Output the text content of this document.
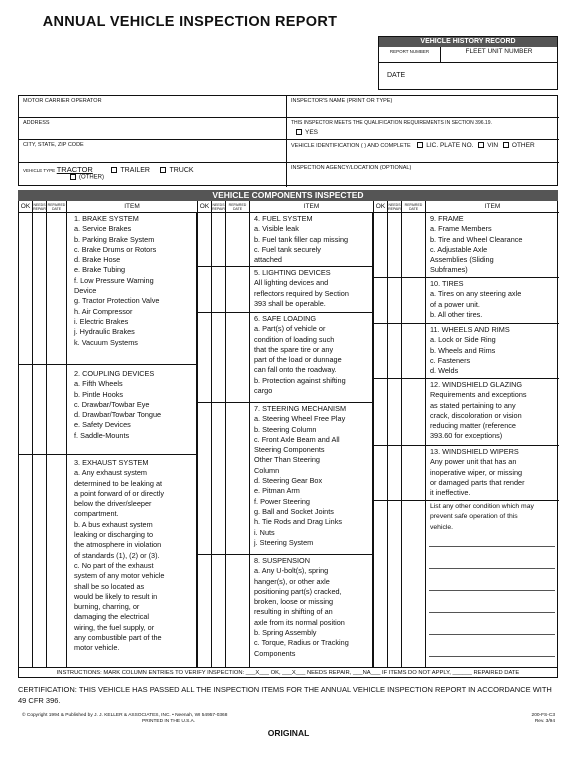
ANNUAL VEHICLE INSPECTION REPORT
VEHICLE HISTORY RECORD
REPORT NUMBER	FLEET UNIT NUMBER
DATE
MOTOR CARRIER OPERATOR	INSPECTOR'S NAME (PRINT OR TYPE)
ADDRESS	THIS INSPECTOR MEETS THE QUALIFICATION REQUIREMENTS IN SECTION 396.19.
YES
CITY, STATE, ZIP CODE	VEHICLE IDENTIFICATION ( ) AND COMPLETE LIC. PLATE NO. VIN OTHER
VEHICLE TYPE TRACTOR	TRAILER	TRUCK
(OTHER)
INSPECTION AGENCY/LOCATION (OPTIONAL)
VEHICLE COMPONENTS INSPECTED
OK NEEDS REPAIR
REPAIRED DATE	ITEM	OK NEEDS REPAIR
REPAIRED DATE	ITEM	OK NEEDS REPAIR
REPAIRED DATE	ITEM
1. BRAKE SYSTEM
a. Service Brakes
b. Parking Brake System
c. Brake Drums or Rotors
d. Brake Hose
e. Brake Tubing
f. Low Pressure Warning
Device
g. Tractor Protection Valve
h. Air Compressor
i. Electric Brakes
j. Hydraulic Brakes
k. Vacuum Systems
2. COUPLING DEVICES
a. Fifth Wheels
b. Pintle Hooks
c. Drawbar/Towbar Eye
d. Drawbar/Towbar Tongue
e. Safety Devices
f. Saddle-Mounts
3. EXHAUST SYSTEM
a. Any exhaust system
determined to be leaking at
a point forward of or directly
below the driver/sleeper
compartment.
b. A bus exhaust system
leaking or discharging to
the atmosphere in violation
of standards (1), (2) or (3).
c. No part of the exhaust
system of any motor vehicle
shall be so located as
would be likely to result in
burning, charring, or
damaging the electrical
wiring, the fuel supply, or
any combustible part of the
motor vehicle.
4. FUEL SYSTEM
a. Visible leak
b. Fuel tank filler cap missing
c. Fuel tank securely
attached
5. LIGHTING DEVICES
All lighting devices and
reflectors required by Section
393 shall be operable.
6. SAFE LOADING
a. Part(s) of vehicle or
condition of loading such
that the spare tire or any
part of the load or dunnage
can fall onto the roadway.
b. Protection against shifting
cargo
7. STEERING MECHANISM
a. Steering Wheel Free Play
b. Steering Column
c. Front Axle Beam and All
Steering Components
Other Than Steering
Column
d. Steering Gear Box
e. Pitman Arm
f. Power Steering
g. Ball and Socket Joints
h. Tie Rods and Drag Links
i. Nuts
j. Steering System
8. SUSPENSION
a. Any U-bolt(s), spring
hanger(s), or other axle
positioning part(s) cracked,
broken, loose or missing
resulting in shifting of an
axle from its normal position
b. Spring Assembly
c. Torque, Radius or Tracking
Components
9. FRAME
a. Frame Members
b. Tire and Wheel Clearance
c. Adjustable Axle
Assemblies (Sliding
Subframes)
10. TIRES
a. Tires on any steering axle
of a power unit.
b. All other tires.
11. WHEELS AND RIMS
a. Lock or Side Ring
b. Wheels and Rims
c. Fasteners
d. Welds
12. WINDSHIELD GLAZING
Requirements and exceptions
as stated pertaining to any
crack, discoloration or vision
reducing matter (reference
393.60 for exceptions)
13. WINDSHIELD WIPERS
Any power unit that has an
inoperative wiper, or missing
or damaged parts that render
it ineffective.
List any other condition which may
prevent safe operation of this
vehicle.
INSTRUCTIONS: MARK COLUMN ENTRIES TO VERIFY INSPECTION: ___X___ OK, ___X___ NEEDS REPAIR, ___NA___ IF ITEMS DO NOT APPLY, ______ REPAIRED DATE
CERTIFICATION: THIS VEHICLE HAS PASSED ALL THE INSPECTION ITEMS FOR THE ANNUAL VEHICLE INSPECTION REPORT IN ACCORDANCE WITH 49 CFR 396.
© Copyright 1994 & Published by J. J. KELLER & ASSOCIATES, INC. • Neenah, WI 54957-0368
PRINTED IN THE U.S.A.
200-FS-C3
Rev. 3/94
ORIGINAL
